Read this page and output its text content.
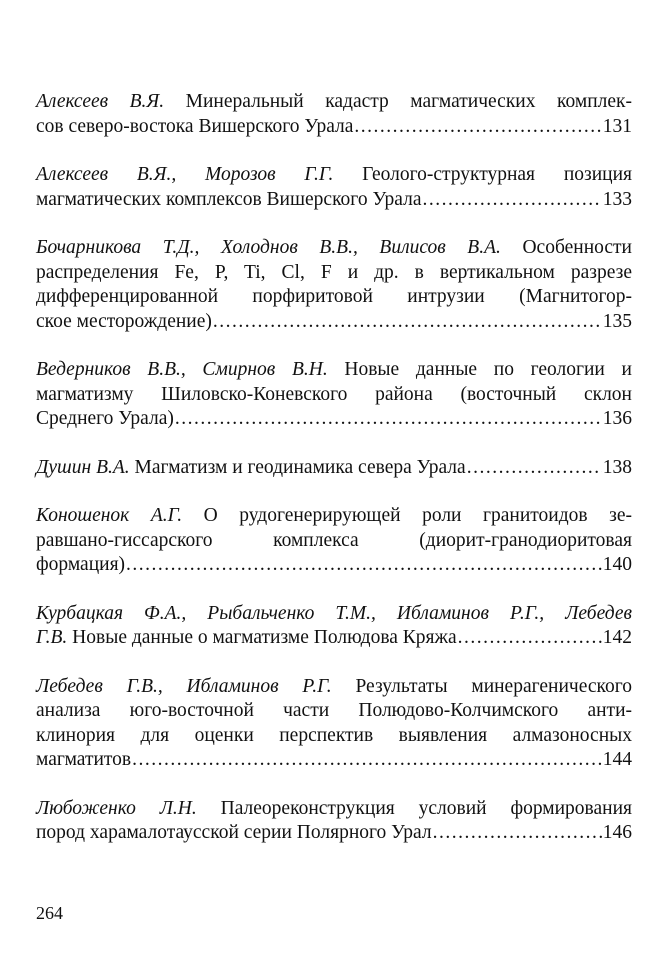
Алексеев В.Я. Минеральный кадастр магматических комплек-
сов северо-востока Вишерского Урала .....	131
Алексеев В.Я., Морозов Г.Г. Геолого-структурная позиция
магматических комплексов Вишерского Урала .....	133
Бочарникова Т.Д., Холоднов В.В., Вилисов В.А. Особенности
распределения Fe, P, Ti, Cl, F и др. в вертикальном разрезе
дифференцированной порфиритовой интрузии (Магнитогор-
ское месторождение) .....	135
Ведерников В.В., Смирнов В.Н. Новые данные по геологии и
магматизму Шиловско-Коневского района (восточный склон
Среднего Урала) .....	136
Душин В.А.
Магматизм и геодинамика севера Урала .....	138
Коношенок А.Г. О рудогенерирующей роли гранитоидов зе-
равшано-гиссарского комплекса (диорит-гранодиоритовая
формация) .....	140
Курбацкая Ф.А., Рыбальченко Т.М., Ибламинов Р.Г., Лебедев
Г.В.
Новые данные о магматизме Полюдова Кряжа .....	142
Лебедев Г.В., Ибламинов Р.Г. Результаты минерагенического
анализа юго-восточной части Полюдово-Колчимского анти-
клинория для оценки перспектив выявления алмазоносных
магматитов .....	144
Любоженко Л.Н. Палеореконструкция условий формирования
пород харамалотаусской серии Полярного Урал .....	146
264
